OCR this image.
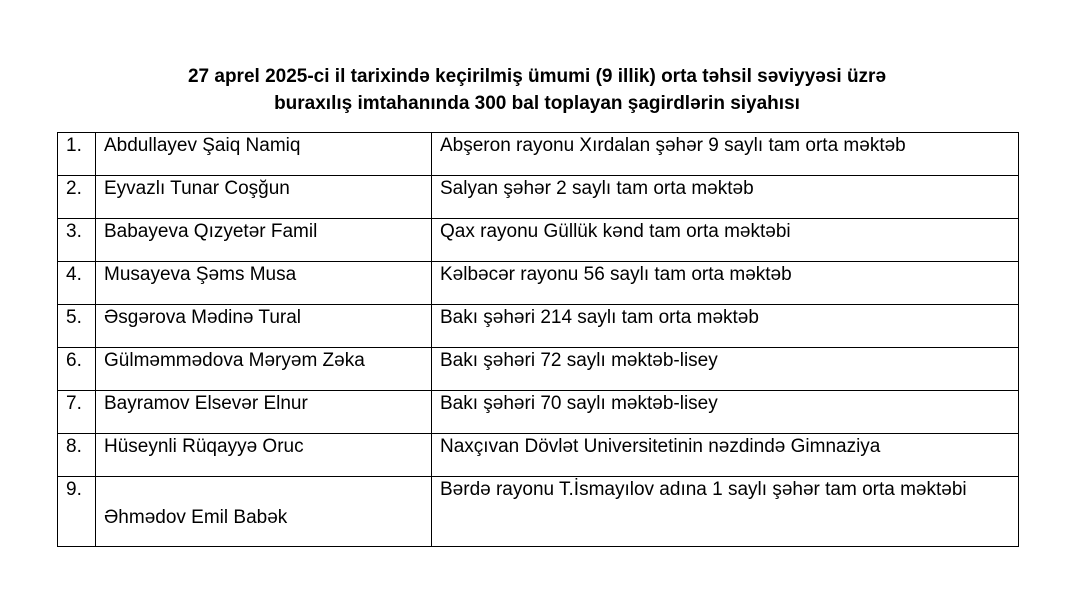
27 aprel 2025-ci il tarixində keçirilmiş ümumi (9 illik) orta təhsil səviyyəsi üzrə
buraxılış imtahanında 300 bal toplayan şagirdlərin siyahısı
1.	Abdullayev Şaiq Namiq	Abşeron rayonu Xırdalan şəhər 9 saylı tam orta məktəb
2.	Eyvazlı Tunar Coşğun	Salyan şəhər 2 saylı tam orta məktəb
3.	Babayeva Qızyetər Famil	Qax rayonu Güllük kənd tam orta məktəbi
4.	Musayeva Şəms Musa	Kəlbəcər rayonu 56 saylı tam orta məktəb
5.	Əsgərova Mədinə Tural	Bakı şəhəri 214 saylı tam orta məktəb
6.	Gülməmmədova Məryəm Zəka	Bakı şəhəri 72 saylı məktəb-lisey
7.	Bayramov Elsevər Elnur	Bakı şəhəri 70 saylı məktəb-lisey
8.	Hüseynli Rüqayyə Oruc	Naxçıvan Dövlət Universitetinin nəzdində Gimnaziya
9.	Əhmədov Emil Babək	Bərdə rayonu T.İsmayılov adına 1 saylı şəhər tam orta məktəbi
